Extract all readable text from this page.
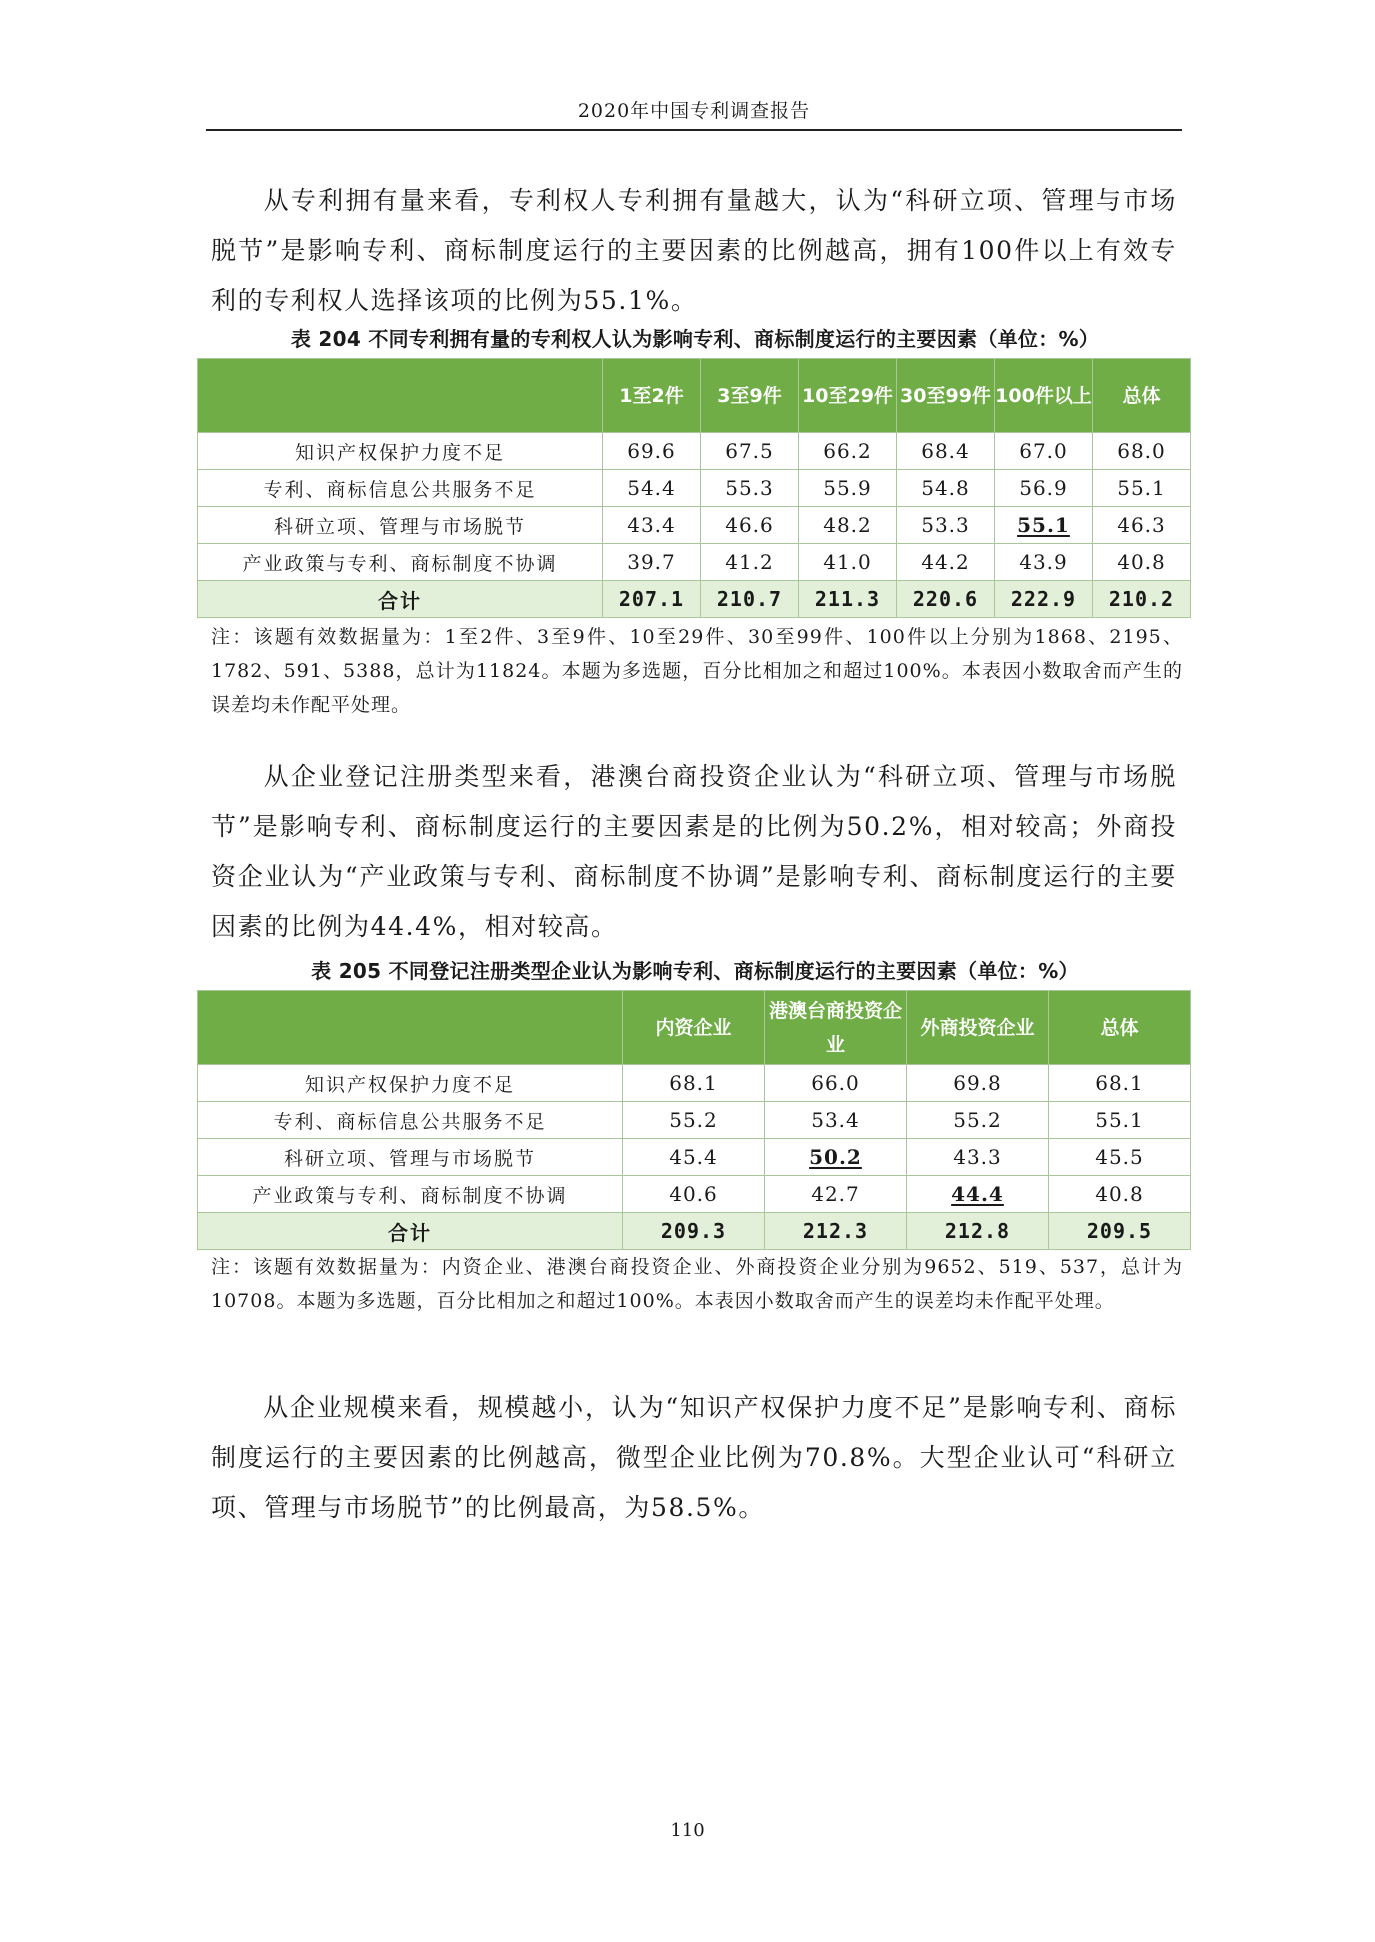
2020年中国专利调查报告

从专利拥有量来看，专利权人专利拥有量越大，认为“科研立项、管理与市场脱节”是影响专利、商标制度运行的主要因素的比例越高，拥有100件以上有效专利的专利权人选择该项的比例为55.1%。

表 204 不同专利拥有量的专利权人认为影响专利、商标制度运行的主要因素（单位：%）
	1至2件	3至9件	10至29件	30至99件	100件以上	总体
知识产权保护力度不足	69.6	67.5	66.2	68.4	67.0	68.0
专利、商标信息公共服务不足	54.4	55.3	55.9	54.8	56.9	55.1
科研立项、管理与市场脱节	43.4	46.6	48.2	53.3	55.1	46.3
产业政策与专利、商标制度不协调	39.7	41.2	41.0	44.2	43.9	40.8
合计	207.1	210.7	211.3	220.6	222.9	210.2

注：该题有效数据量为：1至2件、3至9件、10至29件、30至99件、100件以上分别为1868、2195、1782、591、5388，总计为11824。本题为多选题，百分比相加之和超过100%。本表因小数取舍而产生的误差均未作配平处理。

从企业登记注册类型来看，港澳台商投资企业认为“科研立项、管理与市场脱节”是影响专利、商标制度运行的主要因素是的比例为50.2%，相对较高；外商投资企业认为“产业政策与专利、商标制度不协调”是影响专利、商标制度运行的主要因素的比例为44.4%，相对较高。

表 205 不同登记注册类型企业认为影响专利、商标制度运行的主要因素（单位：%）
	内资企业	港澳台商投资企业	外商投资企业	总体
知识产权保护力度不足	68.1	66.0	69.8	68.1
专利、商标信息公共服务不足	55.2	53.4	55.2	55.1
科研立项、管理与市场脱节	45.4	50.2	43.3	45.5
产业政策与专利、商标制度不协调	40.6	42.7	44.4	40.8
合计	209.3	212.3	212.8	209.5

注：该题有效数据量为：内资企业、港澳台商投资企业、外商投资企业分别为9652、519、537，总计为10708。本题为多选题，百分比相加之和超过100%。本表因小数取舍而产生的误差均未作配平处理。

从企业规模来看，规模越小，认为“知识产权保护力度不足”是影响专利、商标制度运行的主要因素的比例越高，微型企业比例为70.8%。大型企业认可“科研立项、管理与市场脱节”的比例最高，为58.5%。

110
